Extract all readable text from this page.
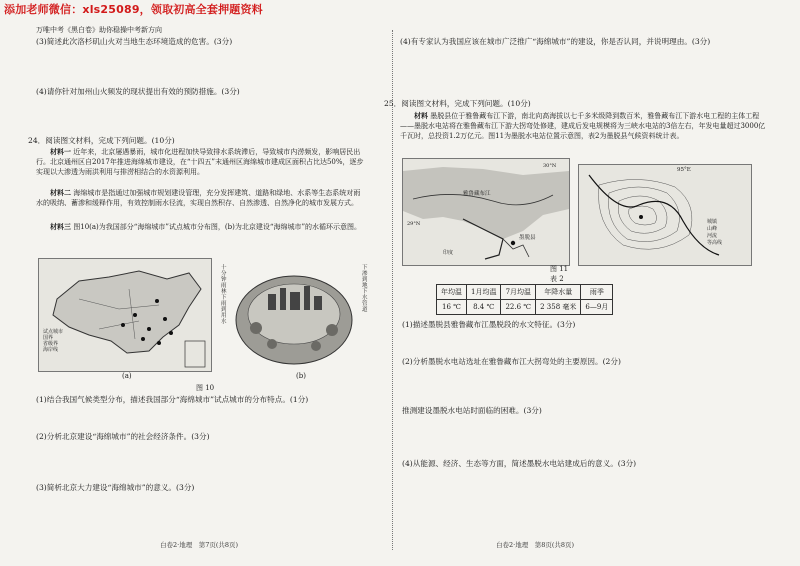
添加老师微信：xls25089，领取初高全套押题资料
万唯中考《黑白卷》助你稳操中考新方向
(3)简述此次洛杉矶山火对当地生态环境造成的危害。(3分)
(4)请你针对加州山火频发的现状提出有效的预防措施。(3分)
24．阅读图文材料，完成下列问题。(10分)
材料一 近年来，北京屡遇暴雨，城市化进程加快导致排水系统滞后，导致城市内涝频发，影响居民出行。北京通州区自2017年推进海绵城市建设，在“十四五”末通州区海绵城市建成区面积占比达50%，逐步实现以大渗透为雨洪利用与排涝相结合的水资源利用。
材料二 海绵城市是指通过加强城市规划建设管理，充分发挥建筑、道路和绿地、水系等生态系统对雨水的吸纳、蓄渗和缓释作用，有效控制雨水径流，实现自然积存、自然渗透、自然净化的城市发展方式。
材料三 图10(a)为我国部分“海绵城市”试点城市分布图，(b)为北京建设“海绵城市”的水循环示意图。
试点城市
国界
省级界
海岸线
(a)
十分钟雨林下雨到用水
下渗到地下水管道
(b)
图 10
(1)结合我国气候类型分布，描述我国部分“海绵城市”试点城市的分布特点。(1分)
(2)分析北京建设“海绵城市”的社会经济条件。(3分)
(3)简析北京大力建设“海绵城市”的意义。(3分)
白卷2·地理　第7页(共8页)
(4)有专家认为我国应该在城市广泛推广“海绵城市”的建设，你是否认同，并说明理由。(3分)
25．阅读图文材料，完成下列问题。(10分)
材料 墨脱县位于雅鲁藏布江下游，南北向高海拔以七千多米级降到数百米，雅鲁藏布江下游水电工程的主体工程——墨脱水电站将在雅鲁藏布江下游大拐弯处修建，建成后发电规模将为三峡水电站的3倍左右，年发电量超过3000亿千瓦时，总投资1.2万亿元。图11为墨脱水电站位置示意图，表2为墨脱县气候资料统计表。
雅鲁藏布江
墨脱县
29°N
30°N
印度
95°E
城镇
山峰
河流
等高线
图 11
表 2
年均温	1月均温	7月均温	年降水量	雨季
16 ℃	8.4 ℃	22.6 ℃	2 358 毫米	6—9月
(1)描述墨脱县雅鲁藏布江墨脱段的水文特征。(3分)
(2)分析墨脱水电站选址在雅鲁藏布江大拐弯处的主要原因。(2分)
推测建设墨脱水电站时面临的困难。(3分)
(4)从能源、经济、生态等方面，简述墨脱水电站建成后的意义。(3分)
白卷2·地理　第8页(共8页)
